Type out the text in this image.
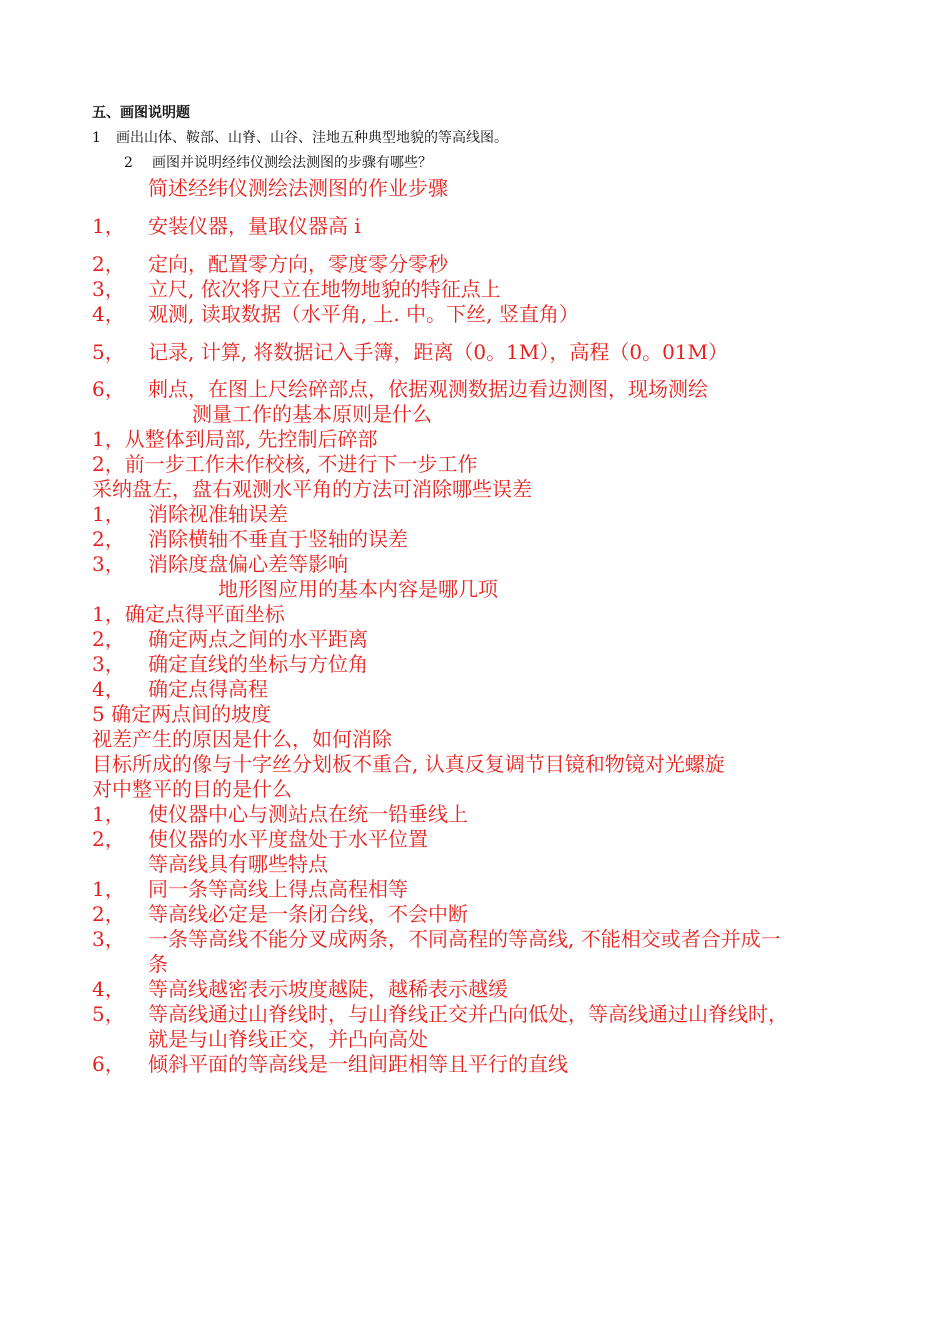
五、画图说明题
1 画出山体、鞍部、山脊、山谷、洼地五种典型地貌的等高线图。
2 画图并说明经纬仪测绘法测图的步骤有哪些？
简述经纬仪测绘法测图的作业步骤
1， 安装仪器，量取仪器高 i
2， 定向，配置零方向，零度零分零秒
3， 立尺, 依次将尺立在地物地貌的特征点上
4， 观测, 读取数据（水平角, 上. 中。下丝, 竖直角）
5， 记录, 计算, 将数据记入手簿，距离（0。1M），高程（0。01M）
6， 刺点，在图上尺绘碎部点，依据观测数据边看边测图，现场测绘
测量工作的基本原则是什么
1，从整体到局部, 先控制后碎部
2，前一步工作未作校核, 不进行下一步工作
采纳盘左，盘右观测水平角的方法可消除哪些误差
1， 消除视准轴误差
2， 消除横轴不垂直于竖轴的误差
3， 消除度盘偏心差等影响
地形图应用的基本内容是哪几项
1，确定点得平面坐标
2， 确定两点之间的水平距离
3， 确定直线的坐标与方位角
4， 确定点得高程
5 确定两点间的坡度
视差产生的原因是什么，如何消除
目标所成的像与十字丝分划板不重合, 认真反复调节目镜和物镜对光螺旋
对中整平的目的是什么
1， 使仪器中心与测站点在统一铅垂线上
2， 使仪器的水平度盘处于水平位置
等高线具有哪些特点
1， 同一条等高线上得点高程相等
2， 等高线必定是一条闭合线，不会中断
3， 一条等高线不能分叉成两条，不同高程的等高线, 不能相交或者合并成一
条
4， 等高线越密表示坡度越陡，越稀表示越缓
5， 等高线通过山脊线时，与山脊线正交并凸向低处，等高线通过山脊线时，
就是与山脊线正交，并凸向高处
6， 倾斜平面的等高线是一组间距相等且平行的直线
